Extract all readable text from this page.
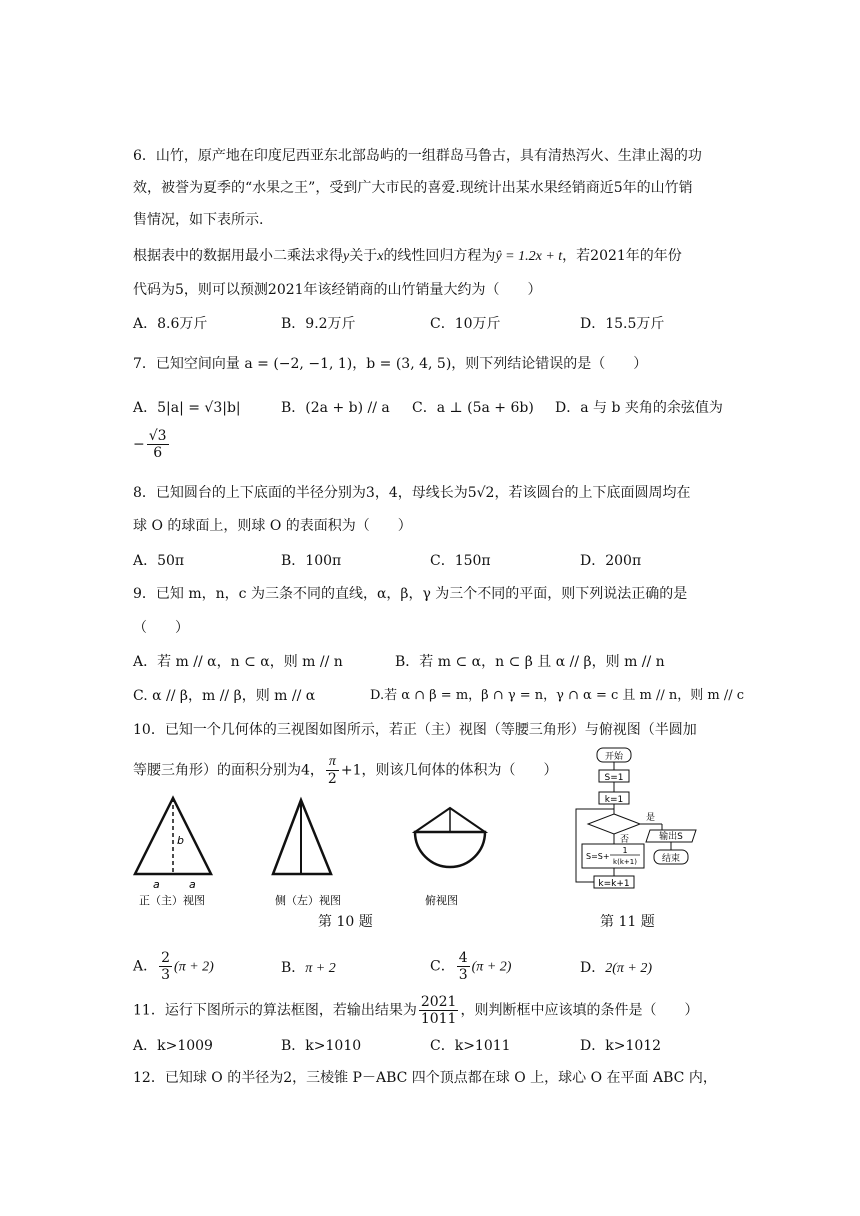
6．山竹，原产地在印度尼西亚东北部岛屿的一组群岛马鲁古，具有清热泻火、生津止渴的功
效，被誉为夏季的“水果之王”，受到广大市民的喜爱.现统计出某水果经销商近5年的山竹销
售情况，如下表所示.
根据表中的数据用最小二乘法求得y关于x的线性回归方程为ŷ = 1.2x + t，若2021年的年份
代码为5，则可以预测2021年该经销商的山竹销量大约为（　　）
A．8.6万斤	B．9.2万斤	C．10万斤	D．15.5万斤
7．已知空间向量 a = (−2, −1, 1)，b = (3, 4, 5)，则下列结论错误的是（　　）
A．5|a| = √3|b|	B．(2a + b) // a C．a ⊥ (5a + 6b) D．a 与 b 夹角的余弦值为
− $\frac{√3}{6}$
8．已知圆台的上下底面的半径分别为3，4，母线长为5√2，若该圆台的上下底面圆周均在
球 O 的球面上，则球 O 的表面积为（　　）
A．50π	B．100π	C．150π	D．200π
9．已知 m，n，c 为三条不同的直线，α，β，γ 为三个不同的平面，则下列说法正确的是
（　　）
A．若 m // α，n ⊂ α，则 m // n	B．若 m ⊂ α，n ⊂ β 且 α // β，则 m // n
C. α // β，m // β，则 m // α	D.若 α ∩ β = m，β ∩ γ = n，γ ∩ α = c 且 m // n，则 m // c
10．已知一个几何体的三视图如图所示，若正（主）视图（等腰三角形）与俯视图（半圆加
等腰三角形）的面积分别为4， $\frac{\pi}{2} +1$，则该几何体的体积为（　　）
b
a	a
正（主）视图	侧（左）视图	俯视图
开始
S=1
k=1
是
输出S
结束
否
S=S+
1
k(k+1)
k=k+1
第 10 题	第 11 题
A． $\frac{2}{3} (\pi + 2)$	B．π + 2	C． $\frac{4}{3} (\pi + 2)$	D．2(π + 2)
11．运行下图所示的算法框图，若输出结果为 $\frac{2021}{1011}$ ，则判断框中应该填的条件是（　　）
A．k>1009	B．k>1010	C．k>1011	D．k>1012
12．已知球 O 的半径为2，三棱锥 P－ABC 四个顶点都在球 O 上，球心 O 在平面 ABC 内，
